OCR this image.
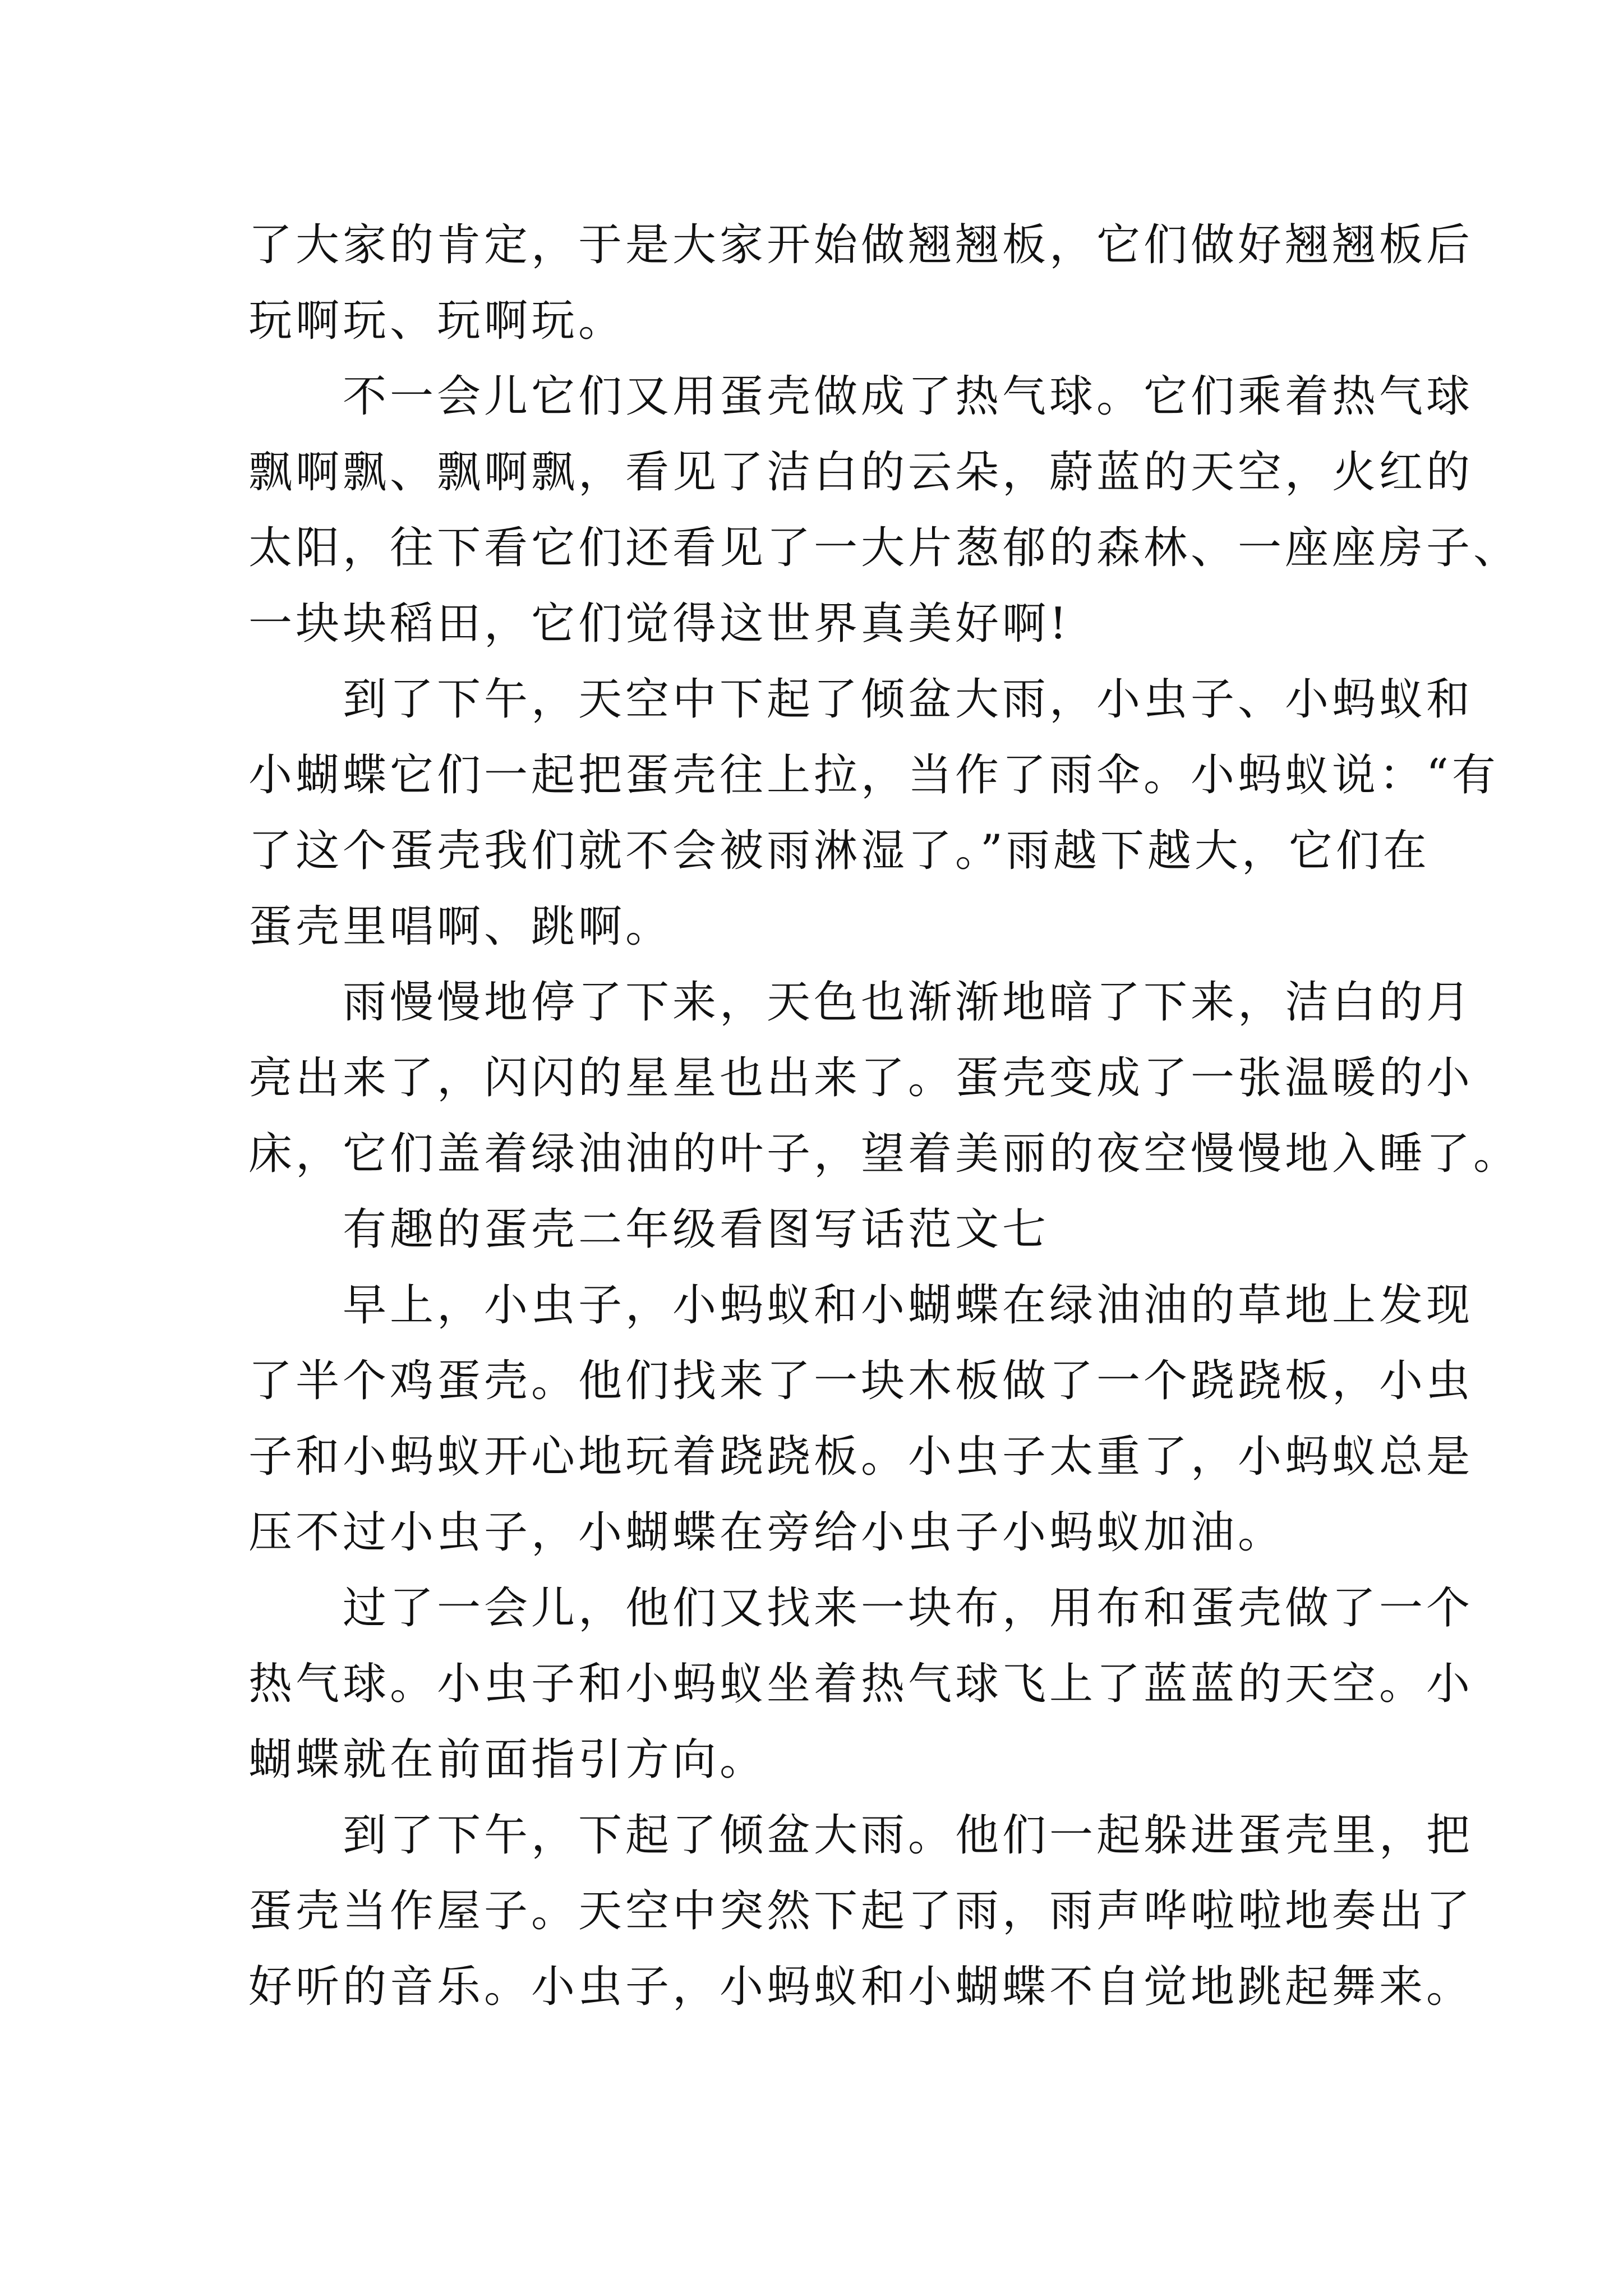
了大家的肯定，于是大家开始做翘翘板，它们做好翘翘板后
玩啊玩、玩啊玩。
　　不一会儿它们又用蛋壳做成了热气球。它们乘着热气球
飘啊飘、飘啊飘，看见了洁白的云朵，蔚蓝的天空，火红的
太阳，往下看它们还看见了一大片葱郁的森林、一座座房子、
一块块稻田，它们觉得这世界真美好啊!
　　到了下午，天空中下起了倾盆大雨，小虫子、小蚂蚁和
小蝴蝶它们一起把蛋壳往上拉，当作了雨伞。小蚂蚁说：“有
了这个蛋壳我们就不会被雨淋湿了。”雨越下越大，它们在
蛋壳里唱啊、跳啊。
　　雨慢慢地停了下来，天色也渐渐地暗了下来，洁白的月
亮出来了，闪闪的星星也出来了。蛋壳变成了一张温暖的小
床，它们盖着绿油油的叶子，望着美丽的夜空慢慢地入睡了。
　　有趣的蛋壳二年级看图写话范文七
　　早上，小虫子，小蚂蚁和小蝴蝶在绿油油的草地上发现
了半个鸡蛋壳。他们找来了一块木板做了一个跷跷板，小虫
子和小蚂蚁开心地玩着跷跷板。小虫子太重了，小蚂蚁总是
压不过小虫子，小蝴蝶在旁给小虫子小蚂蚁加油。
　　过了一会儿，他们又找来一块布，用布和蛋壳做了一个
热气球。小虫子和小蚂蚁坐着热气球飞上了蓝蓝的天空。小
蝴蝶就在前面指引方向。
　　到了下午，下起了倾盆大雨。他们一起躲进蛋壳里，把
蛋壳当作屋子。天空中突然下起了雨，雨声哗啦啦地奏出了
好听的音乐。小虫子，小蚂蚁和小蝴蝶不自觉地跳起舞来。
